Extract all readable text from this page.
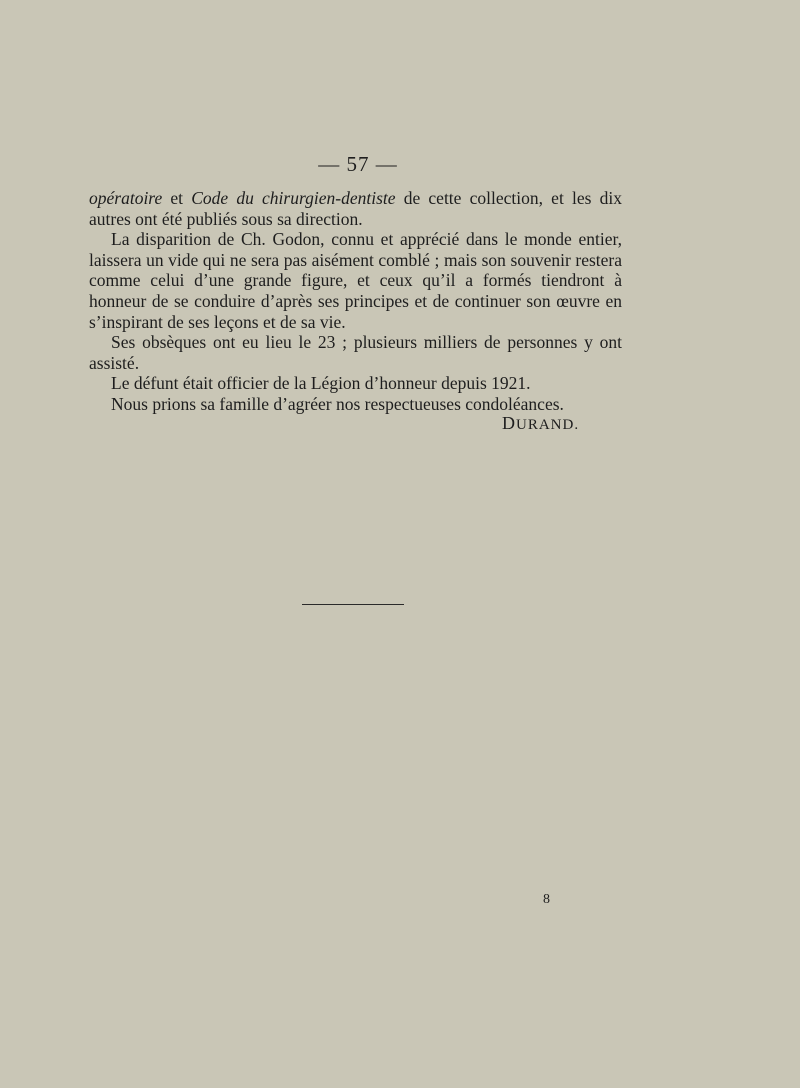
— 57 —

opératoire et Code du chirurgien-dentiste de cette collection, et les dix autres ont été publiés sous sa direction.

La disparition de Ch. Godon, connu et apprécié dans le monde entier, laissera un vide qui ne sera pas aisément comblé ; mais son souvenir restera comme celui d’une grande figure, et ceux qu’il a formés tiendront à honneur de se conduire d’après ses principes et de continuer son œuvre en s’inspirant de ses leçons et de sa vie.

Ses obsèques ont eu lieu le 23 ; plusieurs milliers de personnes y ont assisté.

Le défunt était officier de la Légion d’honneur depuis 1921.

Nous prions sa famille d’agréer nos respectueuses condoléances.

DURAND.
8
